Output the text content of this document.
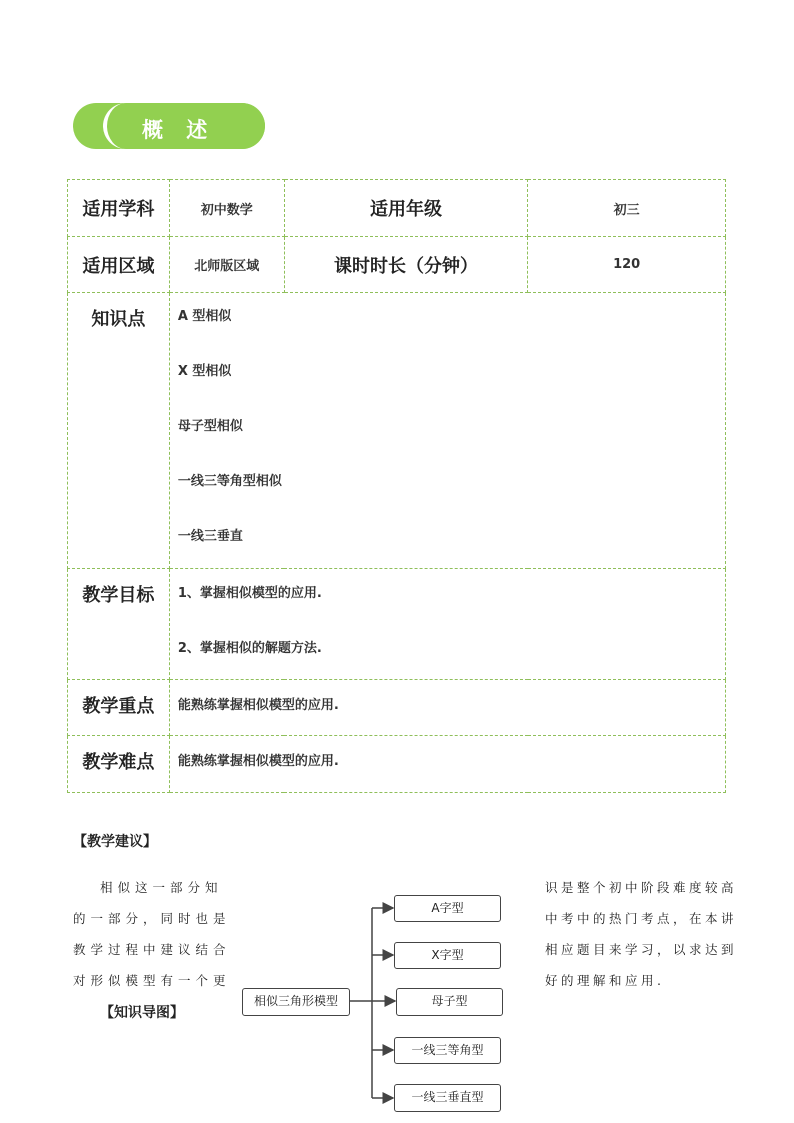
概 述
适用学科	初中数学	适用年级	初三
适用区域	北师版区域	课时时长（分钟）	120
知识点	A 型相似
X 型相似
母子型相似
一线三等角型相似
一线三垂直		

教学目标	1、掌握相似模型的应用.
2、掌握相似的解题方法.		

教学重点	能熟练掌握相似模型的应用.		
教学难点	能熟练掌握相似模型的应用.		
【教学建议】
相似这一部分知
的一部分，同时也是
教学过程中建议结合
对形似模型有一个更
识是整个初中阶段难度较高
中考中的热门考点，在本讲
相应题目来学习，以求达到
好的理解和应用.
【知识导图】
相似三角形模型
A字型
X字型
母子型
一线三等角型
一线三垂直型
